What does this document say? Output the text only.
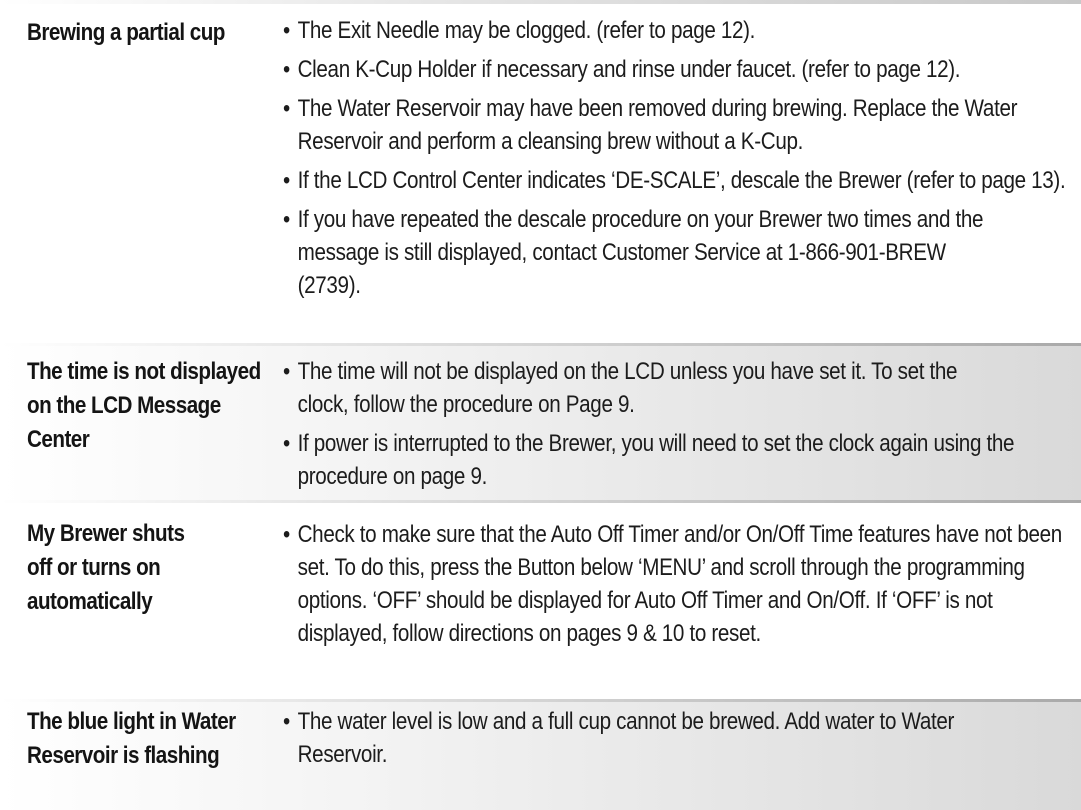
Brewing a partial cup	• The Exit Needle may be clogged. (refer to page 12).
• Clean K-Cup Holder if necessary and rinse under faucet. (refer to page 12).
• The Water Reservoir may have been removed during brewing. Replace the Water Reservoir and perform a cleansing brew without a K-Cup.
• If the LCD Control Center indicates ‘DE-SCALE’, descale the Brewer (refer to page 13).
• If you have repeated the descale procedure on your Brewer two times and the message is still displayed, contact Customer Service at 1-866-901-BREW (2739).
The time is not displayed on the LCD Message Center
• The time will not be displayed on the LCD unless you have set it. To set the clock, follow the procedure on Page 9.
• If power is interrupted to the Brewer, you will need to set the clock again using the procedure on page 9.
My Brewer shuts off or turns on automatically
• Check to make sure that the Auto Off Timer and/or On/Off Time features have not been set. To do this, press the Button below ‘MENU’ and scroll through the programming options. ‘OFF’ should be displayed for Auto Off Timer and On/Off. If ‘OFF’ is not displayed, follow directions on pages 9 & 10 to reset.
The blue light in Water Reservoir is flashing
• The water level is low and a full cup cannot be brewed. Add water to Water Reservoir.
